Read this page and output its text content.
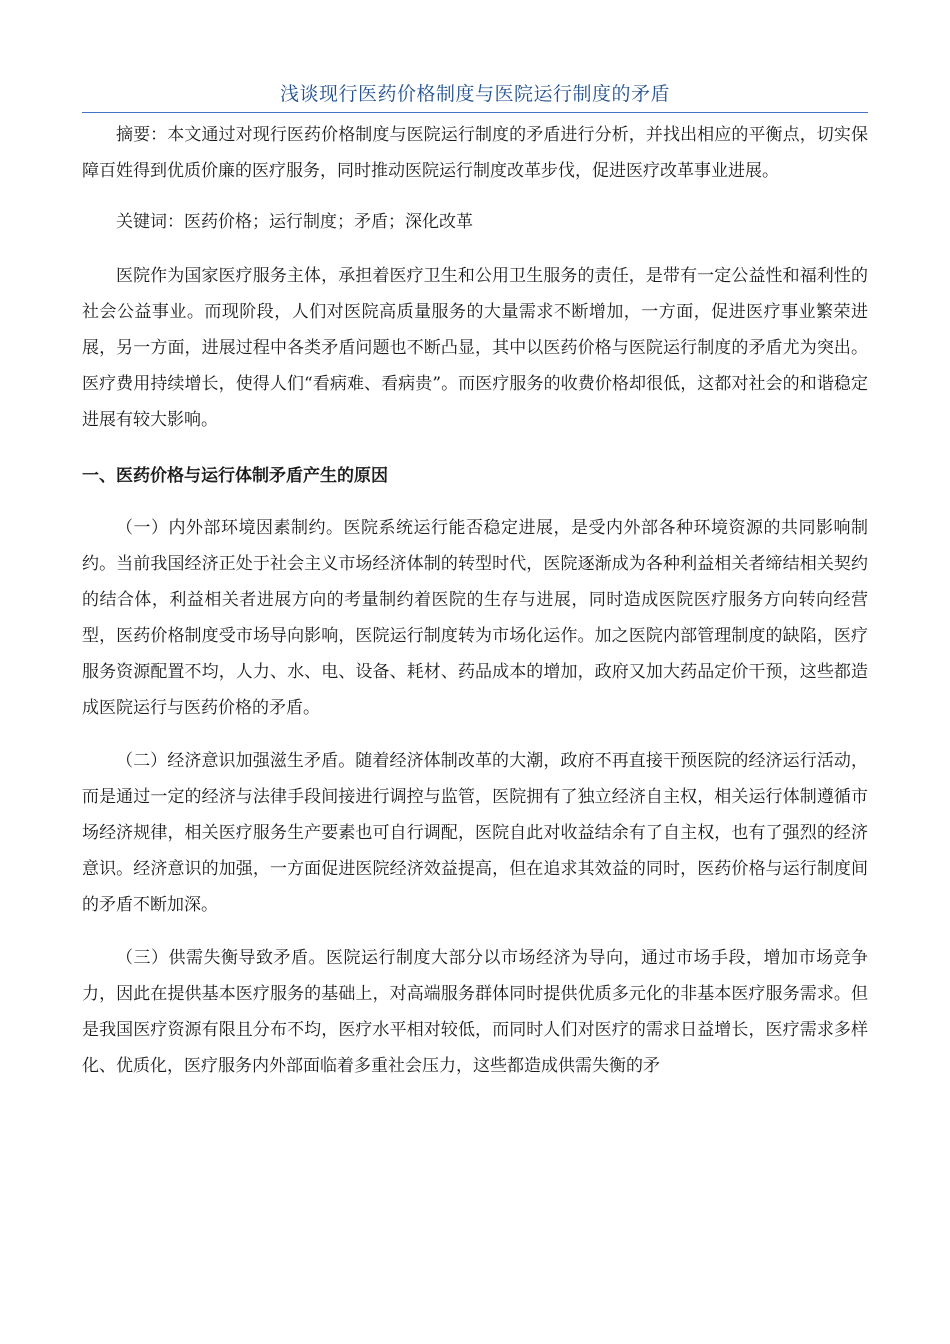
浅谈现行医药价格制度与医院运行制度的矛盾

摘要：本文通过对现行医药价格制度与医院运行制度的矛盾进行分析，并找出相应的平衡点，切实保障百姓得到优质价廉的医疗服务，同时推动医院运行制度改革步伐，促进医疗改革事业进展。

关键词：医药价格；运行制度；矛盾；深化改革

医院作为国家医疗服务主体，承担着医疗卫生和公用卫生服务的责任，是带有一定公益性和福利性的社会公益事业。而现阶段，人们对医院高质量服务的大量需求不断增加，一方面，促进医疗事业繁荣进展，另一方面，进展过程中各类矛盾问题也不断凸显，其中以医药价格与医院运行制度的矛盾尤为突出。医疗费用持续增长，使得人们“看病难、看病贵”。而医疗服务的收费价格却很低，这都对社会的和谐稳定进展有较大影响。

一、医药价格与运行体制矛盾产生的原因

（一）内外部环境因素制约。医院系统运行能否稳定进展，是受内外部各种环境资源的共同影响制约。当前我国经济正处于社会主义市场经济体制的转型时代，医院逐渐成为各种利益相关者缔结相关契约的结合体，利益相关者进展方向的考量制约着医院的生存与进展，同时造成医院医疗服务方向转向经营型，医药价格制度受市场导向影响，医院运行制度转为市场化运作。加之医院内部管理制度的缺陷，医疗服务资源配置不均，人力、水、电、设备、耗材、药品成本的增加，政府又加大药品定价干预，这些都造成医院运行与医药价格的矛盾。

（二）经济意识加强滋生矛盾。随着经济体制改革的大潮，政府不再直接干预医院的经济运行活动，而是通过一定的经济与法律手段间接进行调控与监管，医院拥有了独立经济自主权，相关运行体制遵循市场经济规律，相关医疗服务生产要素也可自行调配，医院自此对收益结余有了自主权，也有了强烈的经济意识。经济意识的加强，一方面促进医院经济效益提高，但在追求其效益的同时，医药价格与运行制度间的矛盾不断加深。

（三）供需失衡导致矛盾。医院运行制度大部分以市场经济为导向，通过市场手段，增加市场竞争力，因此在提供基本医疗服务的基础上，对高端服务群体同时提供优质多元化的非基本医疗服务需求。但是我国医疗资源有限且分布不均，医疗水平相对较低，而同时人们对医疗的需求日益增长，医疗需求多样化、优质化，医疗服务内外部面临着多重社会压力，这些都造成供需失衡的矛
